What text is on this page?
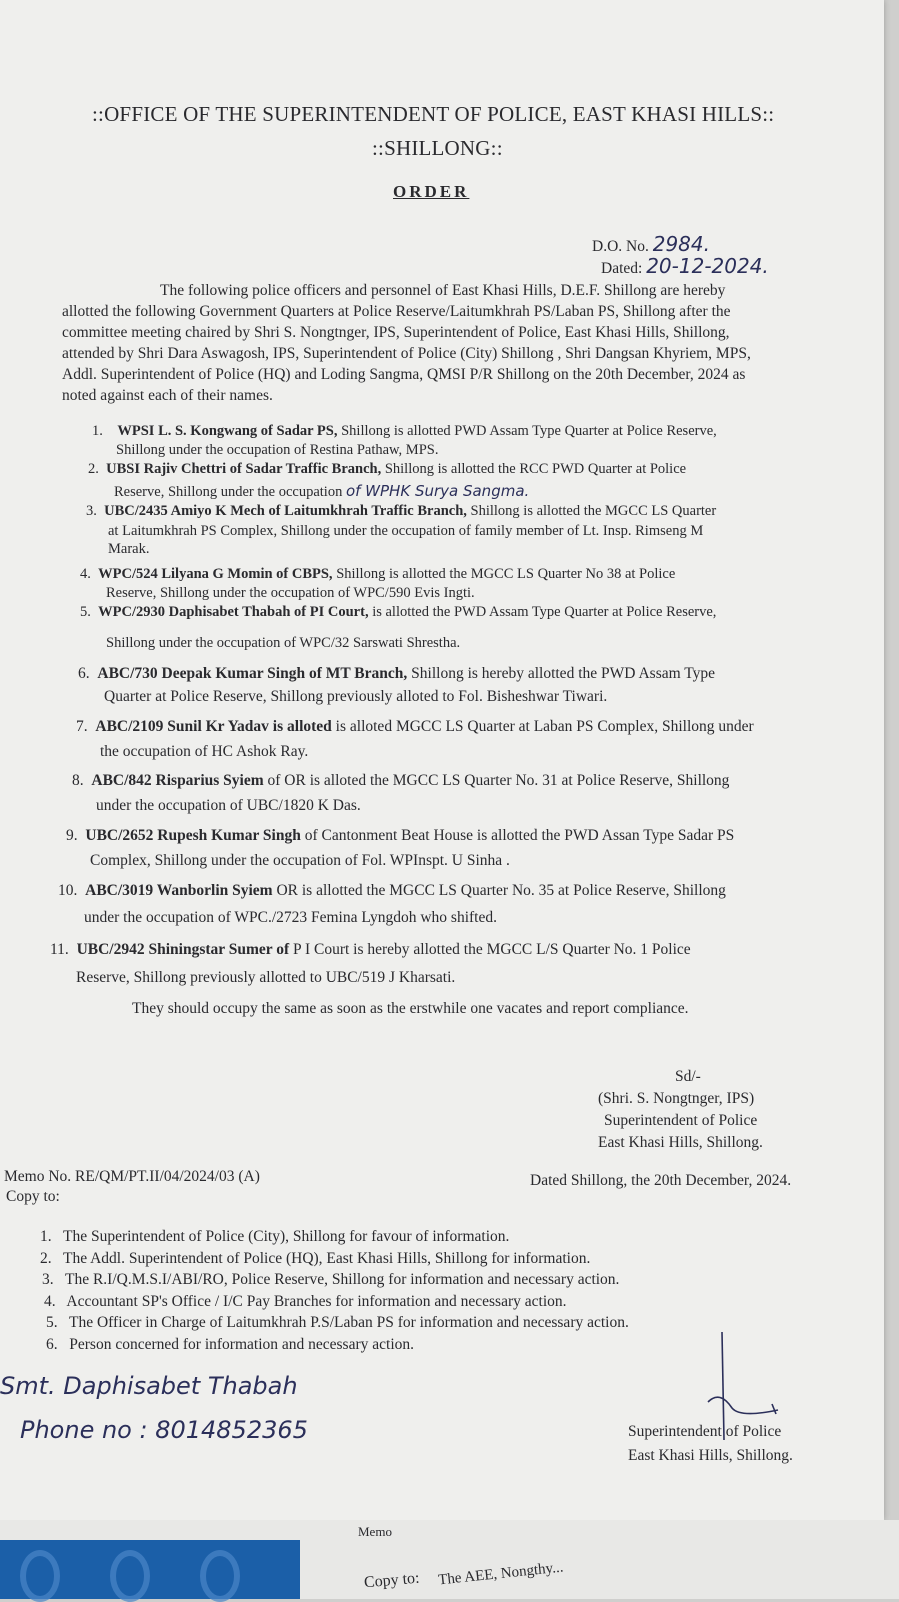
::OFFICE OF THE SUPERINTENDENT OF POLICE, EAST KHASI HILLS::
::SHILLONG::
ORDER
D.O. No. 2984.
Dated: 20-12-2024.
The following police officers and personnel of East Khasi Hills, D.E.F. Shillong are hereby
allotted the following Government Quarters at Police Reserve/Laitumkhrah PS/Laban PS, Shillong after the
committee meeting chaired by Shri S. Nongtnger, IPS, Superintendent of Police, East Khasi Hills, Shillong,
attended by Shri Dara Aswagosh, IPS, Superintendent of Police (City) Shillong , Shri Dangsan Khyriem, MPS,
Addl. Superintendent of Police (HQ) and Loding Sangma, QMSI P/R Shillong on the 20th December, 2024 as
noted against each of their names.
1. WPSI L. S. Kongwang of Sadar PS, Shillong is allotted PWD Assam Type Quarter at Police Reserve,
Shillong under the occupation of Restina Pathaw, MPS.
2. UBSI Rajiv Chettri of Sadar Traffic Branch, Shillong is allotted the RCC PWD Quarter at Police
Reserve, Shillong under the occupation of WPHK Surya Sangma.
3. UBC/2435 Amiyo K Mech of Laitumkhrah Traffic Branch, Shillong is allotted the MGCC LS Quarter
at Laitumkhrah PS Complex, Shillong under the occupation of family member of Lt. Insp. Rimseng M
Marak.
4. WPC/524 Lilyana G Momin of CBPS, Shillong is allotted the MGCC LS Quarter No 38 at Police
Reserve, Shillong under the occupation of WPC/590 Evis Ingti.
5. WPC/2930 Daphisabet Thabah of PI Court, is allotted the PWD Assam Type Quarter at Police Reserve,
Shillong under the occupation of WPC/32 Sarswati Shrestha.
6. ABC/730 Deepak Kumar Singh of MT Branch, Shillong is hereby allotted the PWD Assam Type
Quarter at Police Reserve, Shillong previously alloted to Fol. Bisheshwar Tiwari.
7. ABC/2109 Sunil Kr Yadav is alloted is alloted MGCC LS Quarter at Laban PS Complex, Shillong under
the occupation of HC Ashok Ray.
8. ABC/842 Risparius Syiem of OR is alloted the MGCC LS Quarter No. 31 at Police Reserve, Shillong
under the occupation of UBC/1820 K Das.
9. UBC/2652 Rupesh Kumar Singh of Cantonment Beat House is allotted the PWD Assan Type Sadar PS
Complex, Shillong under the occupation of Fol. WPInspt. U Sinha .
10. ABC/3019 Wanborlin Syiem OR is allotted the MGCC LS Quarter No. 35 at Police Reserve, Shillong
under the occupation of WPC./2723 Femina Lyngdoh who shifted.
11. UBC/2942 Shiningstar Sumer of P I Court is hereby allotted the MGCC L/S Quarter No. 1 Police
Reserve, Shillong previously allotted to UBC/519 J Kharsati.
They should occupy the same as soon as the erstwhile one vacates and report compliance.
Sd/-
(Shri. S. Nongtnger, IPS)
Superintendent of Police
East Khasi Hills, Shillong.
Memo No. RE/QM/PT.II/04/2024/03 (A)	Dated Shillong, the 20th December, 2024.
Copy to:
1. The Superintendent of Police (City), Shillong for favour of information.
2. The Addl. Superintendent of Police (HQ), East Khasi Hills, Shillong for information.
3. The R.I/Q.M.S.I/ABI/RO, Police Reserve, Shillong for information and necessary action.
4. Accountant SP's Office / I/C Pay Branches for information and necessary action.
5. The Officer in Charge of Laitumkhrah P.S/Laban PS for information and necessary action.
6. Person concerned for information and necessary action.
Smt. Daphisabet Thabah
Phone no : 8014852365	Superintendent of Police
East Khasi Hills, Shillong.
Memo
Copy to: The AEE, Nongthy...
